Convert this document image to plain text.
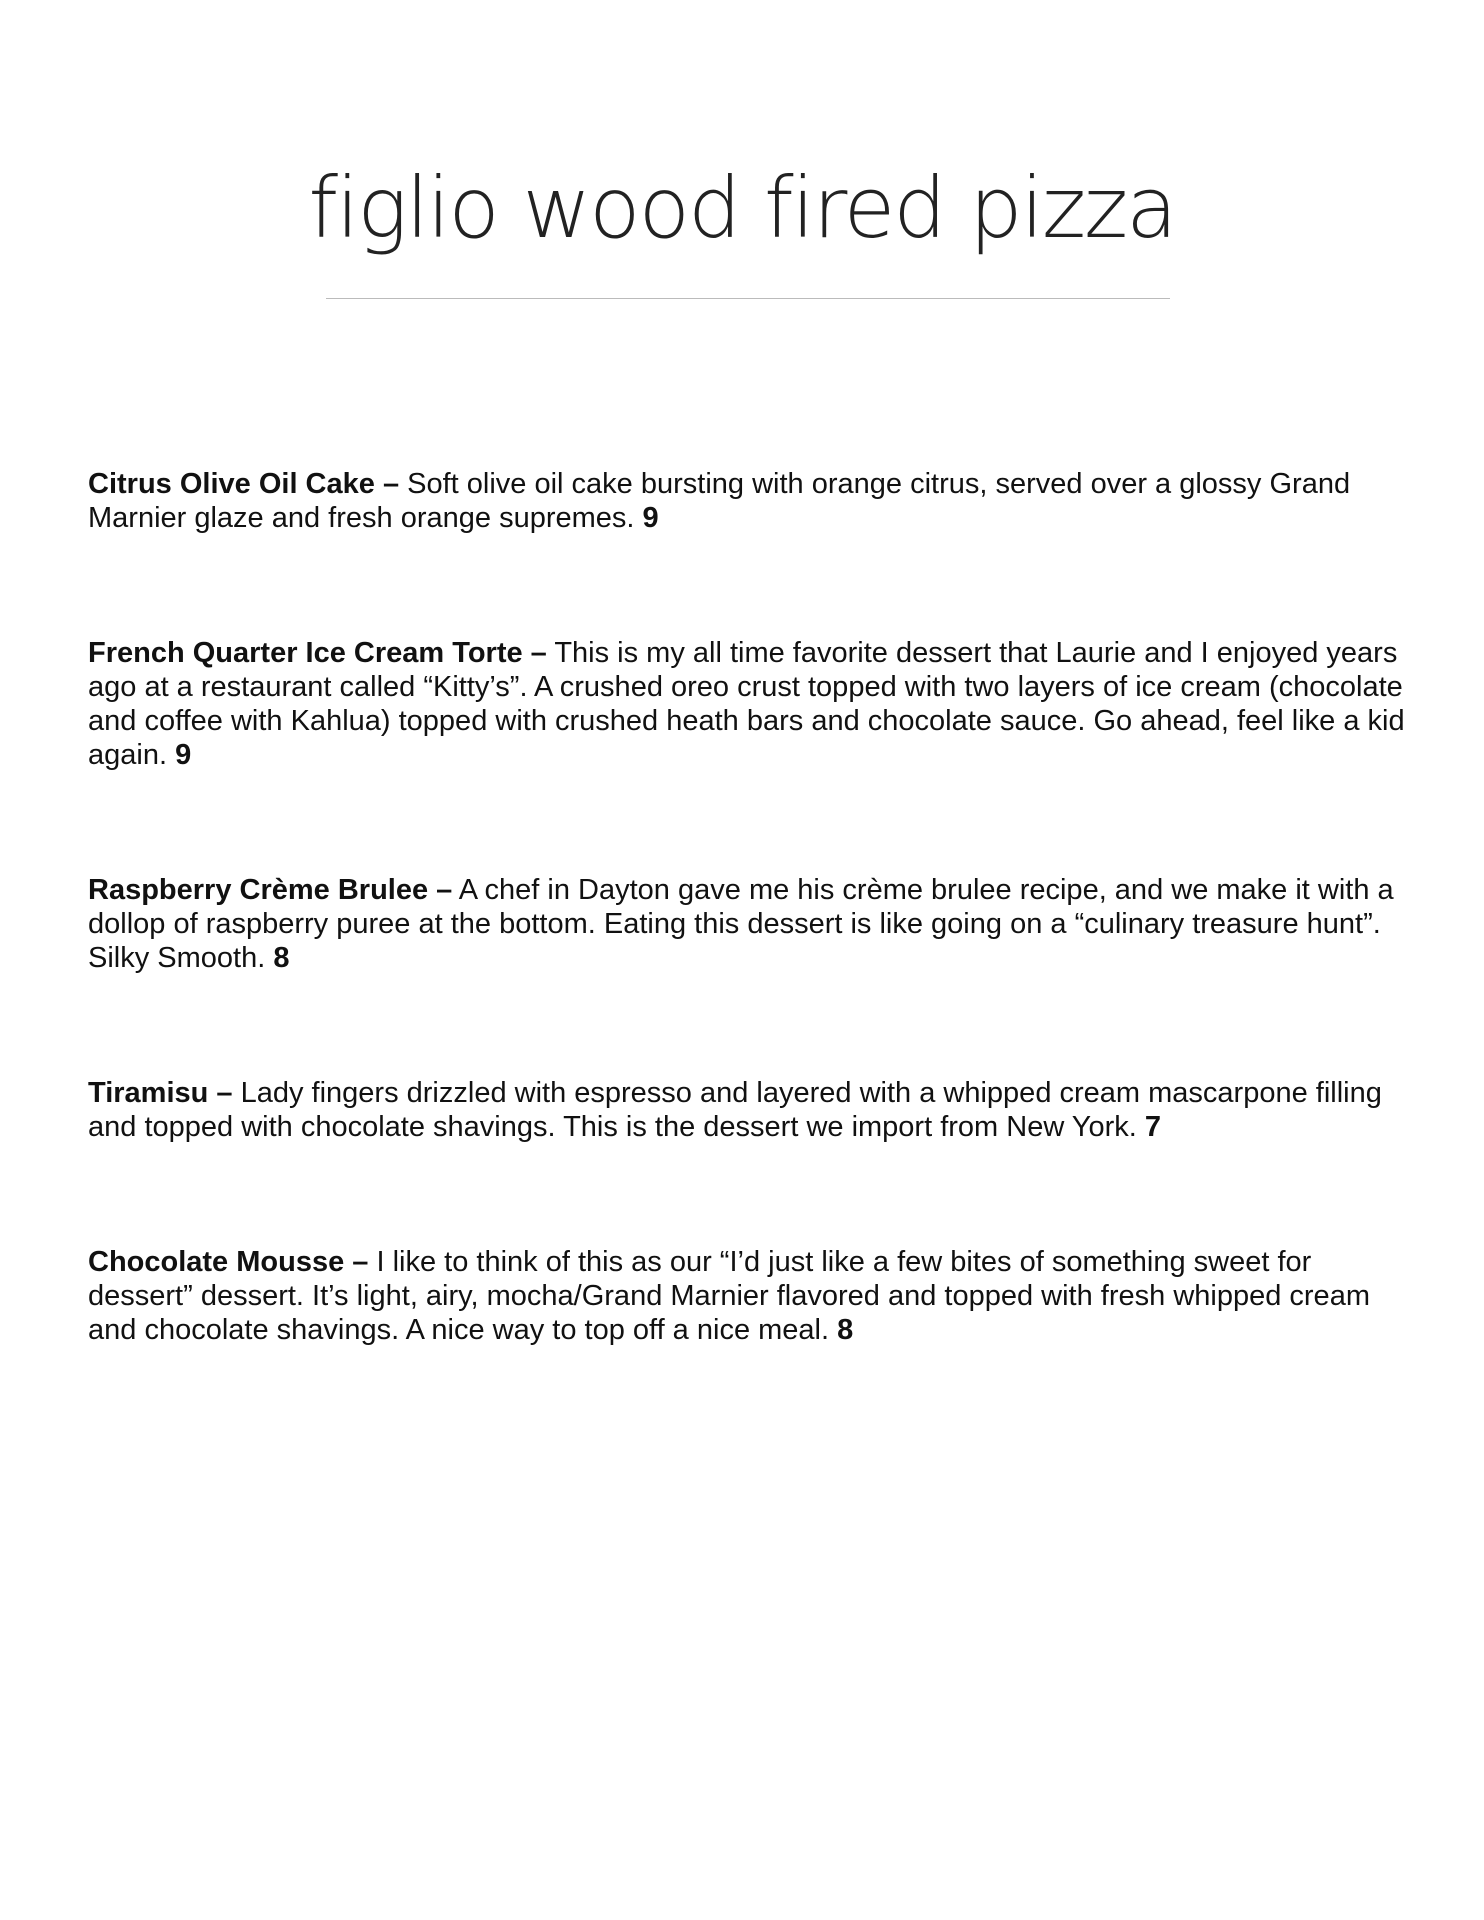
figlio wood fired pizza

Citrus Olive Oil Cake – Soft olive oil cake bursting with orange citrus, served over a glossy Grand Marnier glaze and fresh orange supremes. 9

French Quarter Ice Cream Torte – This is my all time favorite dessert that Laurie and I enjoyed years ago at a restaurant called “Kitty’s”. A crushed oreo crust topped with two layers of ice cream (chocolate and coffee with Kahlua) topped with crushed heath bars and chocolate sauce. Go ahead, feel like a kid again. 9

Raspberry Crème Brulee – A chef in Dayton gave me his crème brulee recipe, and we make it with a dollop of raspberry puree at the bottom. Eating this dessert is like going on a “culinary treasure hunt”. Silky Smooth. 8

Tiramisu – Lady fingers drizzled with espresso and layered with a whipped cream mascarpone filling and topped with chocolate shavings. This is the dessert we import from New York. 7

Chocolate Mousse – I like to think of this as our “I’d just like a few bites of something sweet for dessert” dessert. It’s light, airy, mocha/Grand Marnier flavored and topped with fresh whipped cream and chocolate shavings. A nice way to top off a nice meal. 8
